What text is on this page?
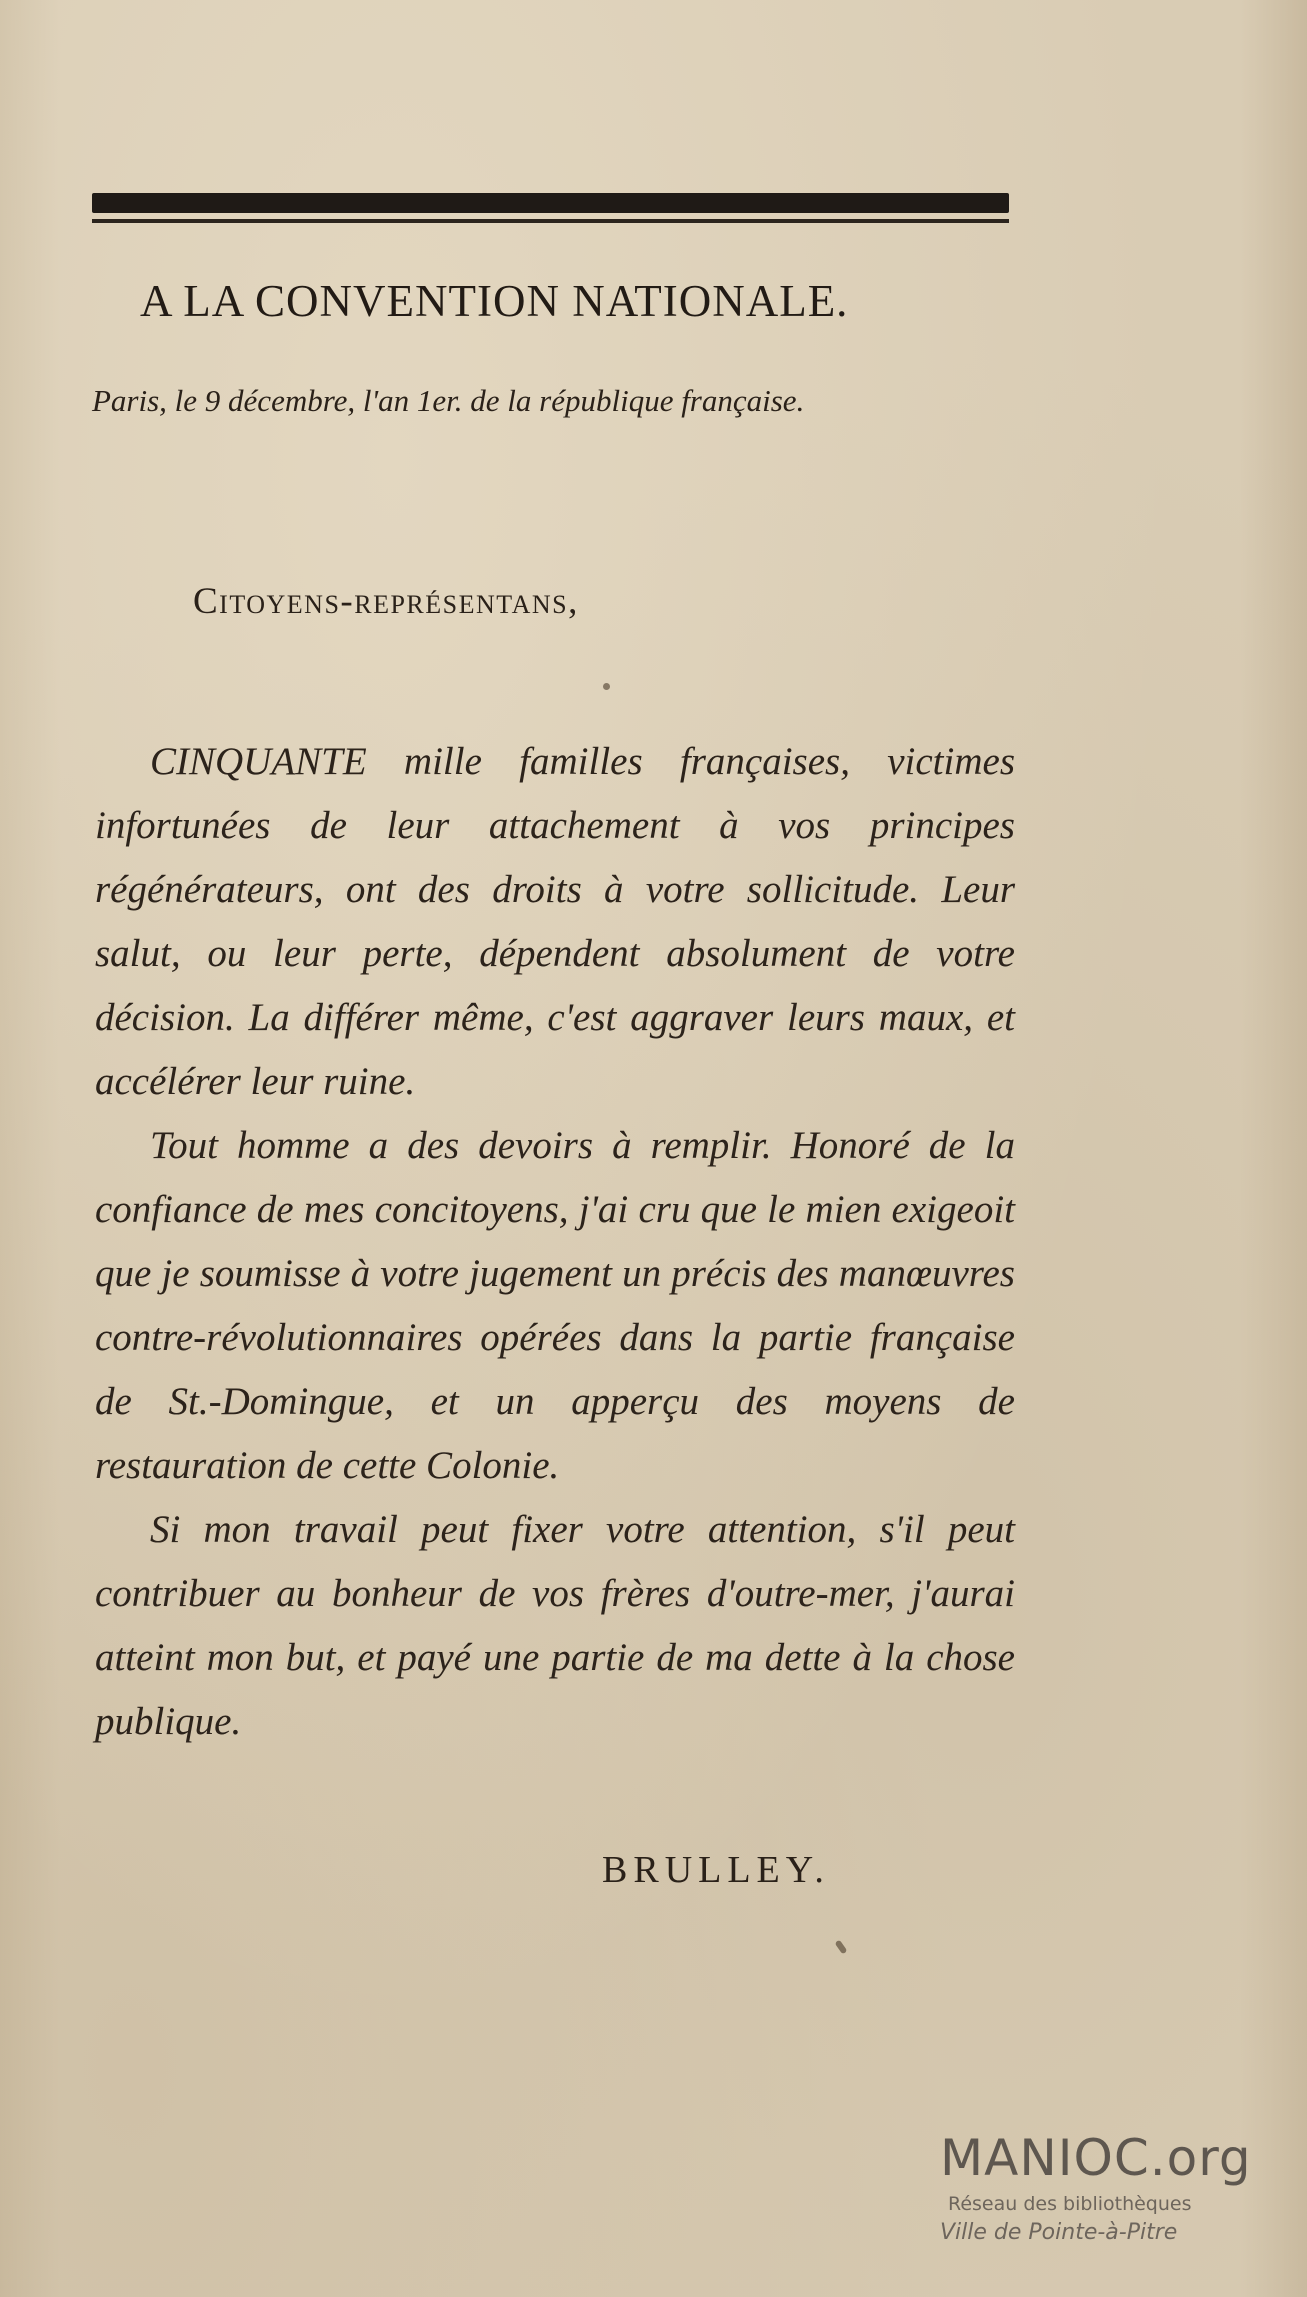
A LA CONVENTION NATIONALE.
Paris, le 9 décembre, l'an 1er. de la république française.
Citoyens-représentans,

CINQUANTE mille familles françaises, victimes infortunées de leur attachement à vos principes régénérateurs, ont des droits à votre sollicitude. Leur salut, ou leur perte, dépendent absolument de votre décision. La différer même, c'est aggraver leurs maux, et accélérer leur ruine.

Tout homme a des devoirs à remplir. Honoré de la confiance de mes concitoyens, j'ai cru que le mien exigeoit que je soumisse à votre jugement un précis des manœuvres contre-révolutionnaires opérées dans la partie française de St.-Domingue, et un apperçu des moyens de restauration de cette Colonie.

Si mon travail peut fixer votre attention, s'il peut contribuer au bonheur de vos frères d'outre-mer, j'aurai atteint mon but, et payé une partie de ma dette à la chose publique.

BRULLEY.
MANIOC.org
Réseau des bibliothèques
Ville de Pointe-à-Pitre
